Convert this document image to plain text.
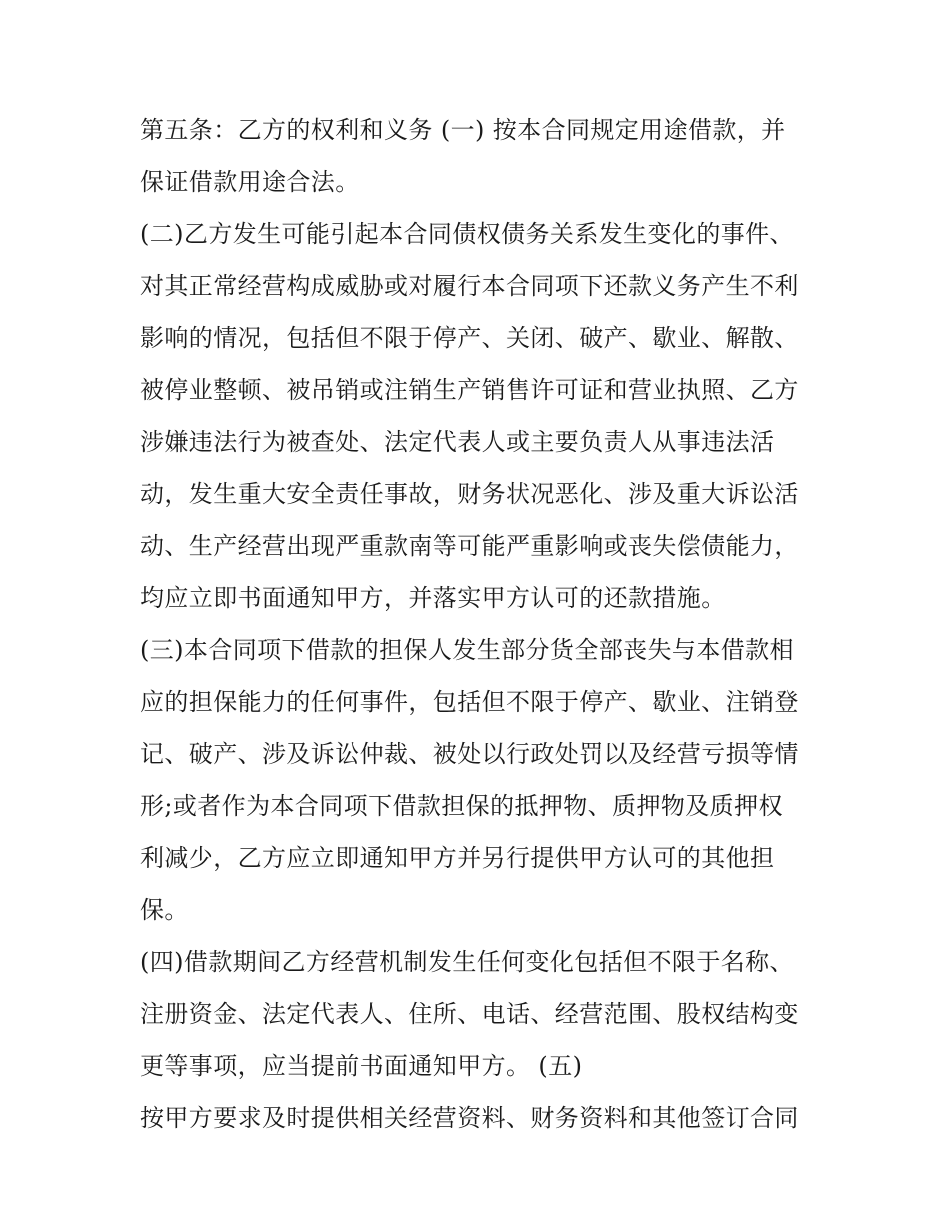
第五条：乙方的权利和义务 (一) 按本合同规定用途借款，并
保证借款用途合法。
(二)乙方发生可能引起本合同债权债务关系发生变化的事件、
对其正常经营构成威胁或对履行本合同项下还款义务产生不利
影响的情况，包括但不限于停产、关闭、破产、歇业、解散、
被停业整顿、被吊销或注销生产销售许可证和营业执照、乙方
涉嫌违法行为被查处、法定代表人或主要负责人从事违法活
动，发生重大安全责任事故，财务状况恶化、涉及重大诉讼活
动、生产经营出现严重款南等可能严重影响或丧失偿债能力，
均应立即书面通知甲方，并落实甲方认可的还款措施。
(三)本合同项下借款的担保人发生部分货全部丧失与本借款相
应的担保能力的任何事件，包括但不限于停产、歇业、注销登
记、破产、涉及诉讼仲裁、被处以行政处罚以及经营亏损等情
形;或者作为本合同项下借款担保的抵押物、质押物及质押权
利减少，乙方应立即通知甲方并另行提供甲方认可的其他担
保。
(四)借款期间乙方经营机制发生任何变化包括但不限于名称、
注册资金、法定代表人、住所、电话、经营范围、股权结构变
更等事项，应当提前书面通知甲方。 (五)
按甲方要求及时提供相关经营资料、财务资料和其他签订合同
